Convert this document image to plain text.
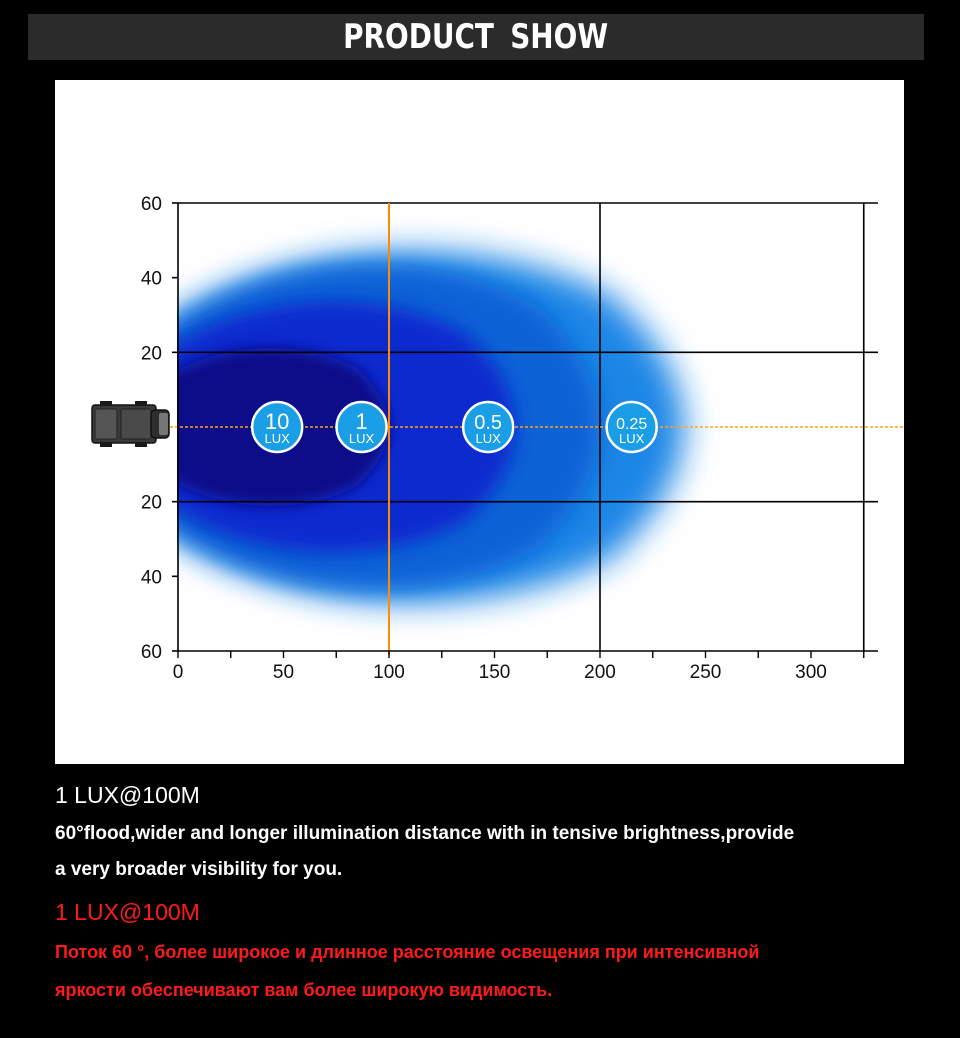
PRODUCT SHOW
60
40
20
20
40
60
0	50	100	150	200	250	300
10
LUX
1
LUX
0.5
LUX
0.25
LUX
1 LUX@100M
60°flood,wider and longer illumination distance with in tensive brightness,provide
a very broader visibility for you.
1 LUX@100M
Поток 60 °, более широкое и длинное расстояние освещения при интенсивной
яркости обеспечивают вам более широкую видимость.
